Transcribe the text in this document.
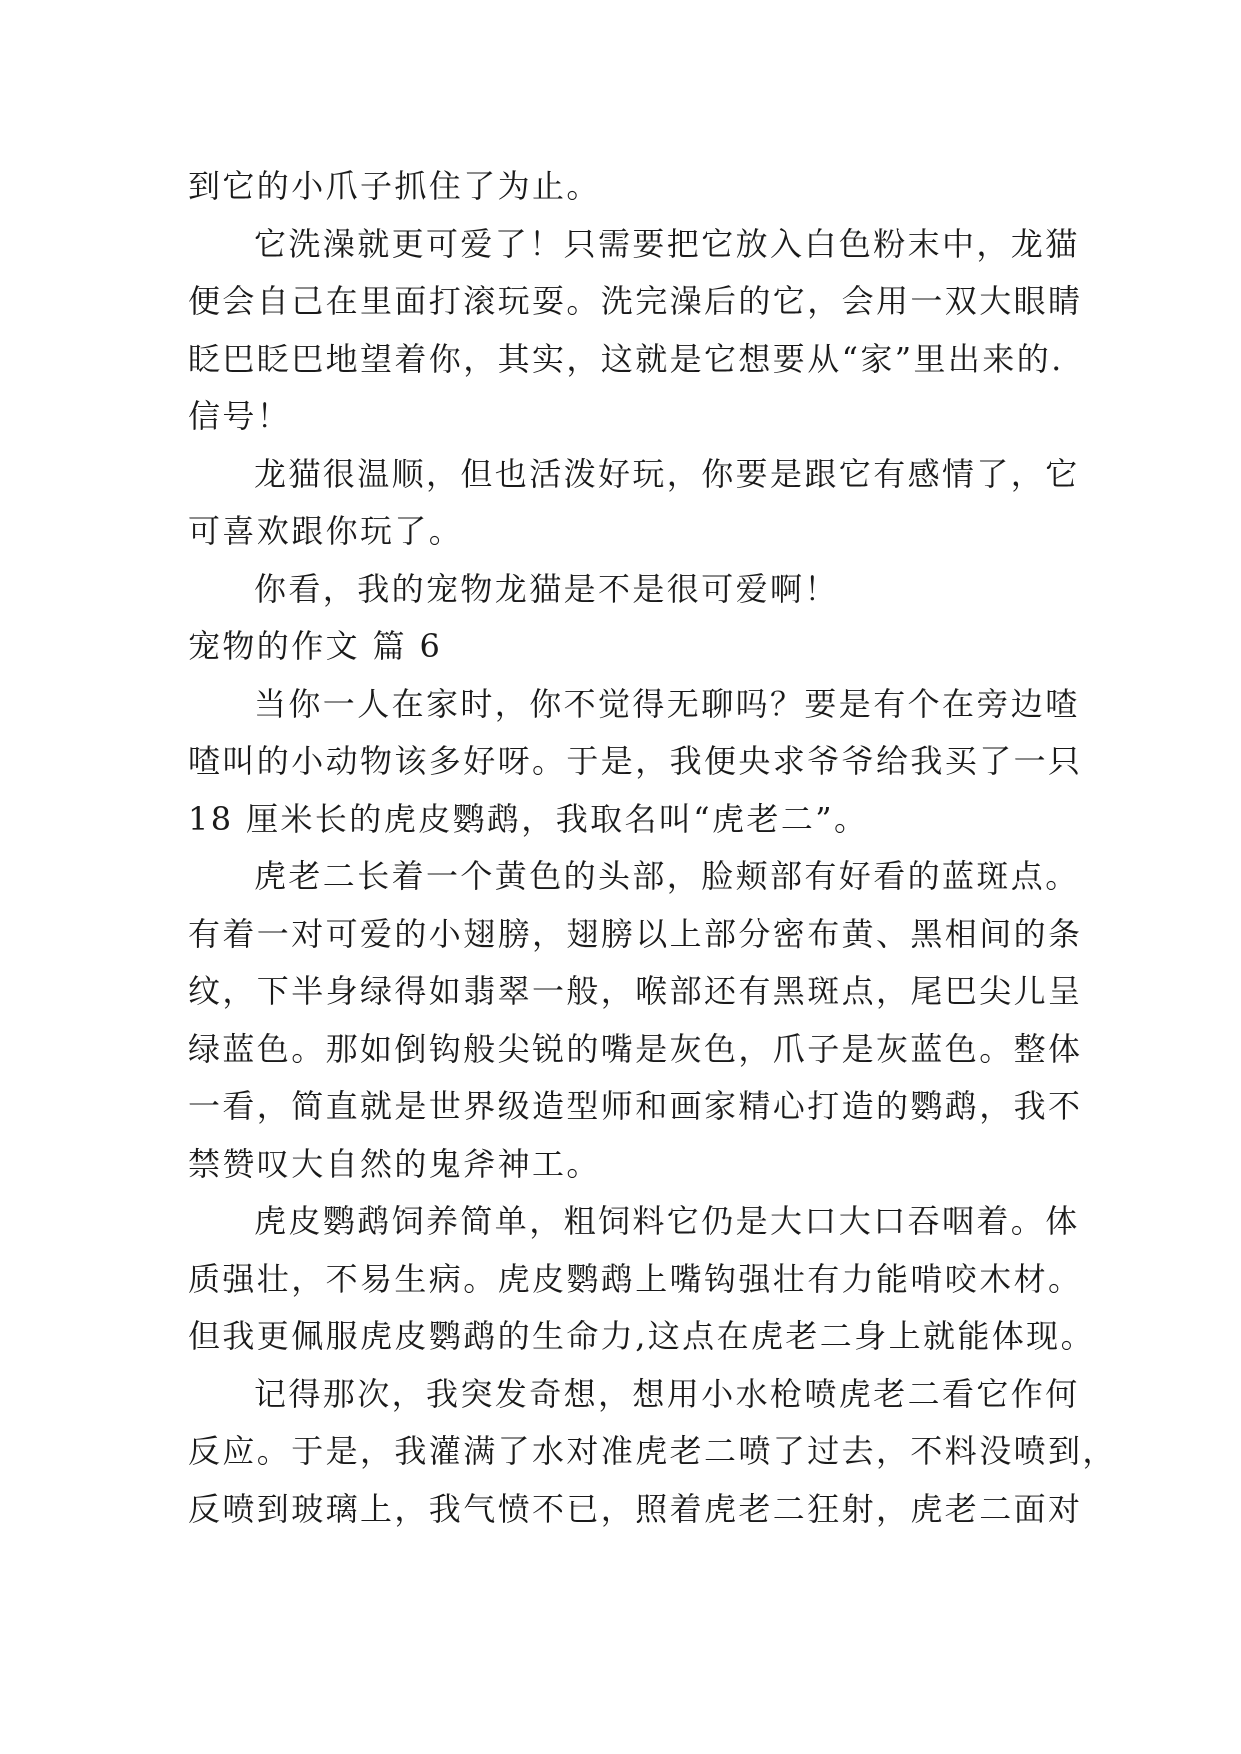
到它的小爪子抓住了为止。
它洗澡就更可爱了！只需要把它放入白色粉末中，龙猫
便会自己在里面打滚玩耍。洗完澡后的它，会用一双大眼睛
眨巴眨巴地望着你，其实，这就是它想要从“家”里出来的.
信号！
龙猫很温顺，但也活泼好玩，你要是跟它有感情了，它
可喜欢跟你玩了。
你看，我的宠物龙猫是不是很可爱啊！
宠物的作文 篇 6
当你一人在家时，你不觉得无聊吗？要是有个在旁边喳
喳叫的小动物该多好呀。于是，我便央求爷爷给我买了一只
18 厘米长的虎皮鹦鹉，我取名叫“虎老二”。
虎老二长着一个黄色的头部，脸颊部有好看的蓝斑点。
有着一对可爱的小翅膀，翅膀以上部分密布黄、黑相间的条
纹，下半身绿得如翡翠一般，喉部还有黑斑点，尾巴尖儿呈
绿蓝色。那如倒钩般尖锐的嘴是灰色，爪子是灰蓝色。整体
一看，简直就是世界级造型师和画家精心打造的鹦鹉，我不
禁赞叹大自然的鬼斧神工。
虎皮鹦鹉饲养简单，粗饲料它仍是大口大口吞咽着。体
质强壮，不易生病。虎皮鹦鹉上嘴钩强壮有力能啃咬木材。
但我更佩服虎皮鹦鹉的生命力,这点在虎老二身上就能体现。
记得那次，我突发奇想，想用小水枪喷虎老二看它作何
反应。于是，我灌满了水对准虎老二喷了过去，不料没喷到，
反喷到玻璃上，我气愤不已，照着虎老二狂射，虎老二面对
